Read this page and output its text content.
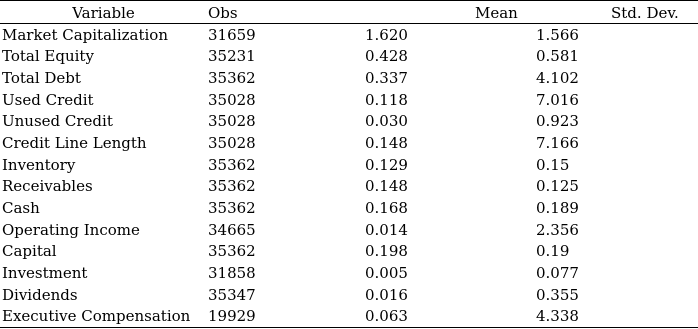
Variable	Obs	Mean	Std. Dev.
Market Capitalization	31659	1.620	1.566
Total Equity	35231	0.428	0.581
Total Debt	35362	0.337	4.102
Used Credit	35028	0.118	7.016
Unused Credit	35028	0.030	0.923
Credit Line Length	35028	0.148	7.166
Inventory	35362	0.129	0.15
Receivables	35362	0.148	0.125
Cash	35362	0.168	0.189
Operating Income	34665	0.014	2.356
Capital	35362	0.198	0.19
Investment	31858	0.005	0.077
Dividends	35347	0.016	0.355
Executive Compensation	19929	0.063	4.338
